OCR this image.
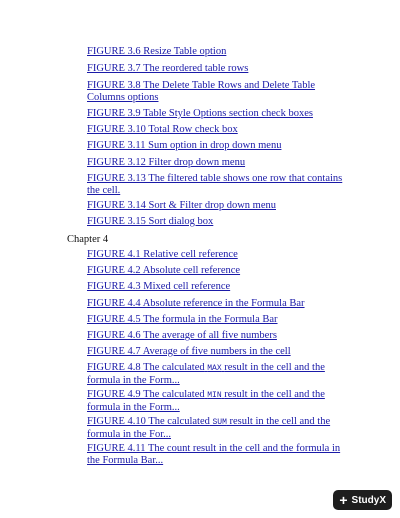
FIGURE 3.6 Resize Table option
FIGURE 3.7 The reordered table rows
FIGURE 3.8 The Delete Table Rows and Delete Table Columns options
FIGURE 3.9 Table Style Options section check boxes
FIGURE 3.10 Total Row check box
FIGURE 3.11 Sum option in drop down menu
FIGURE 3.12 Filter drop down menu
FIGURE 3.13 The filtered table shows one row that contains the cell.
FIGURE 3.14 Sort & Filter drop down menu
FIGURE 3.15 Sort dialog box
Chapter 4
FIGURE 4.1 Relative cell reference
FIGURE 4.2 Absolute cell reference
FIGURE 4.3 Mixed cell reference
FIGURE 4.4 Absolute reference in the Formula Bar
FIGURE 4.5 The formula in the Formula Bar
FIGURE 4.6 The average of all five numbers
FIGURE 4.7 Average of five numbers in the cell
FIGURE 4.8 The calculated MAX result in the cell and the formula in the Form...
FIGURE 4.9 The calculated MIN result in the cell and the formula in the Form...
FIGURE 4.10 The calculated SUM result in the cell and the formula in the For...
FIGURE 4.11 The count result in the cell and the formula in the Formula Bar...
+ StudyX
